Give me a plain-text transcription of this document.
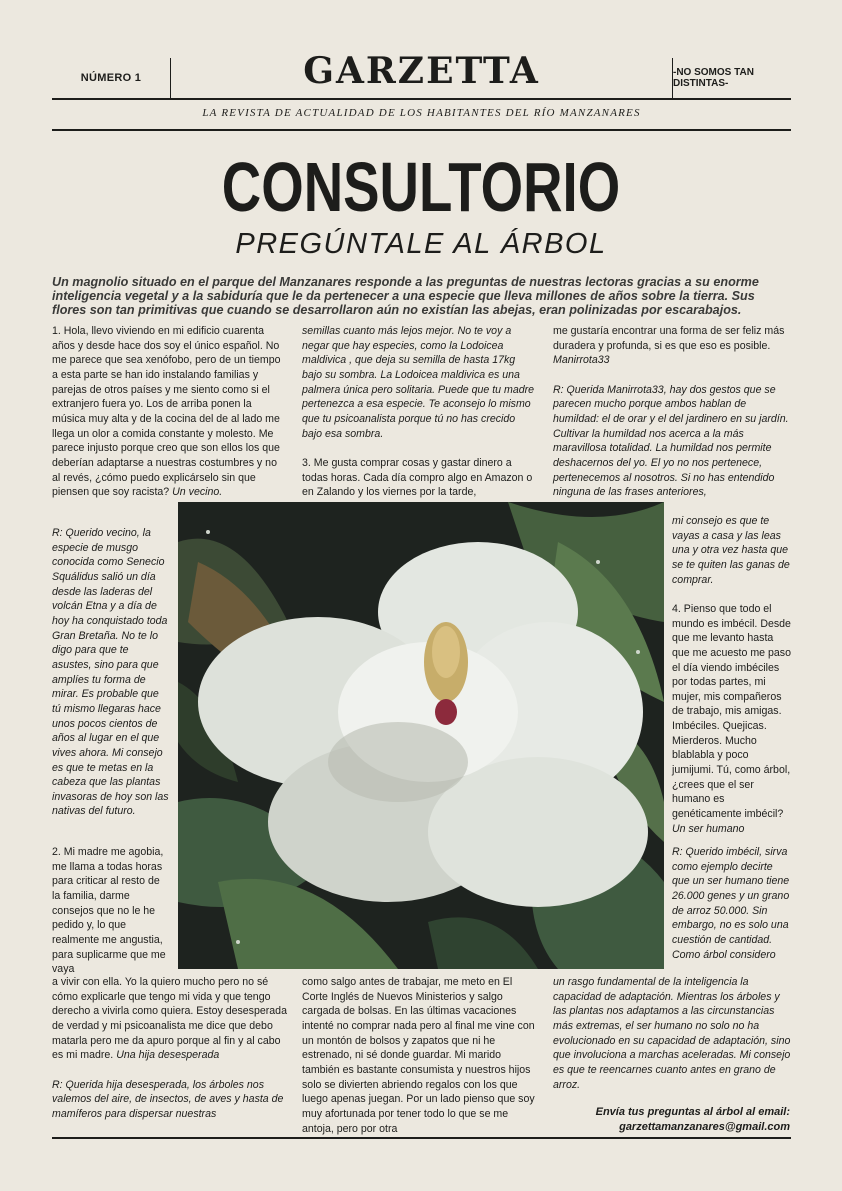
NÚMERO 1	GARZETTA	-NO SOMOS TAN DISTINTAS-
LA REVISTA DE ACTUALIDAD DE LOS HABITANTES DEL RÍO MANZANARES
CONSULTORIO
PREGÚNTALE AL ÁRBOL
Un magnolio situado en el parque del Manzanares responde a las preguntas de nuestras lectoras gracias a su enorme inteligencia vegetal y a la sabiduría que le da pertenecer a una especie que lleva millones de años sobre la tierra. Sus flores son tan primitivas que cuando se desarrollaron aún no existían las abejas, eran polinizadas por escarabajos.

1. Hola, llevo viviendo en mi edificio cuarenta años y desde hace dos soy el único español. No me parece que sea xenófobo, pero de un tiempo a esta parte se han ido instalando familias y parejas de otros países y me siento como si el extranjero fuera yo. Los de arriba ponen la música muy alta y de la cocina del de al lado me llega un olor a comida constante y molesto. Me parece injusto porque creo que son ellos los que deberían adaptarse a nuestras costumbres y no al revés, ¿cómo puedo explicárselo sin que piensen que soy racista? Un vecino.

R: Querido vecino, la especie de musgo conocida como Senecio Squálidus salió un día desde las laderas del volcán Etna y a día de hoy ha conquistado toda Gran Bretaña. No te lo digo para que te asustes, sino para que amplíes tu forma de mirar. Es probable que tú mismo llegaras hace unos pocos cientos de años al lugar en el que vives ahora. Mi consejo es que te metas en la cabeza que las plantas invasoras de hoy son las nativas del futuro.
2. Mi madre me agobia, me llama a todas horas para criticar al resto de la familia, darme consejos que no le he pedido y, lo que realmente me angustia, para suplicarme que me vaya

a vivir con ella. Yo la quiero mucho pero no sé cómo explicarle que tengo mi vida y que tengo derecho a vivirla como quiera. Estoy desesperada de verdad y mi psicoanalista me dice que debo matarla pero me da apuro porque al fin y al cabo es mi madre. Una hija desesperada

R: Querida hija desesperada, los árboles nos valemos del aire, de insectos, de aves y hasta de mamíferos para dispersar nuestras

semillas cuanto más lejos mejor. No te voy a negar que hay especies, como la Lodoicea maldivica , que deja su semilla de hasta 17kg bajo su sombra. La Lodoicea maldivica es una palmera única pero solitaria. Puede que tu madre pertenezca a esa especie. Te aconsejo lo mismo que tu psicoanalista porque tú no has crecido bajo esa sombra.

3. Me gusta comprar cosas y gastar dinero a todas horas. Cada día compro algo en Amazon o en Zalando y los viernes por la tarde,

como salgo antes de trabajar, me meto en El Corte Inglés de Nuevos Ministerios y salgo cargada de bolsas. En las últimas vacaciones intenté no comprar nada pero al final me vine con un montón de bolsos y zapatos que ni he estrenado, ni sé donde guardar. Mi marido también es bastante consumista y nuestros hijos solo se divierten abriendo regalos con los que luego apenas juegan. Por un lado pienso que soy muy afortunada por tener todo lo que se me antoja, pero por otra

me gustaría encontrar una forma de ser feliz más duradera y profunda, si es que eso es posible. Manirrota33

R: Querida Manirrota33, hay dos gestos que se parecen mucho porque ambos hablan de humildad: el de orar y el del jardinero en su jardín. Cultivar la humildad nos acerca a la más maravillosa totalidad. La humildad nos permite deshacernos del yo. El yo no nos pertenece, pertenecemos al nosotros. Si no has entendido ninguna de las frases anteriores,

mi consejo es que te vayas a casa y las leas una y otra vez hasta que se te quiten las ganas de comprar.

4. Pienso que todo el mundo es imbécil. Desde que me levanto hasta que me acuesto me paso el día viendo imbéciles por todas partes, mi mujer, mis compañeros de trabajo, mis amigas. Imbéciles. Quejicas. Mierderos. Mucho blablabla y poco jumijumi. Tú, como árbol, ¿crees que el ser humano es genéticamente imbécil? Un ser humano

R: Querido imbécil, sirva como ejemplo decirte que un ser humano tiene 26.000 genes y un grano de arroz 50.000. Sin embargo, no es solo una cuestión de cantidad. Como árbol considero
un rasgo fundamental de la inteligencia la capacidad de adaptación. Mientras los árboles y las plantas nos adaptamos a las circunstancias más extremas, el ser humano no solo no ha evolucionado en su capacidad de adaptación, sino que involuciona a marchas aceleradas. Mi consejo es que te reencarnes cuanto antes en grano de arroz.
Envía tus preguntas al árbol al email:
garzettamanzanares@gmail.com
